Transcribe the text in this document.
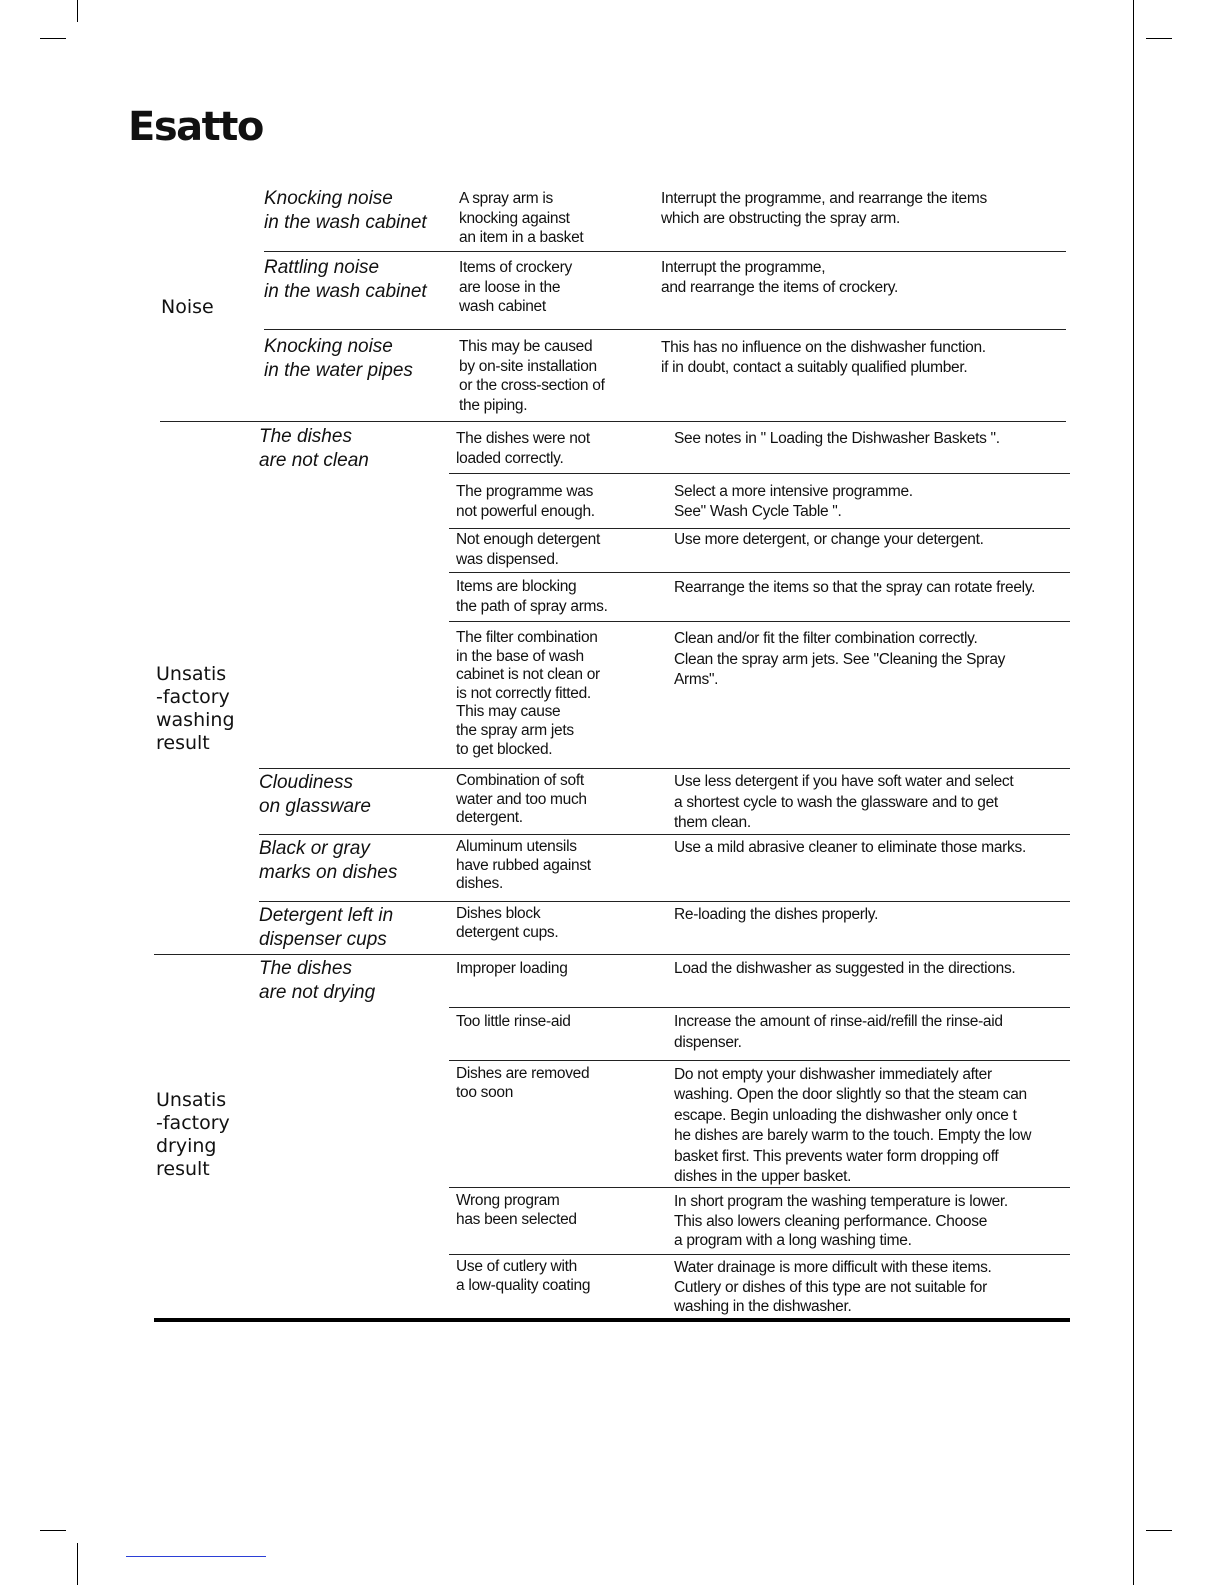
Esatto
Noise
Knocking noise
in the wash cabinet
A spray arm is
knocking against
an item in a basket
Interrupt the programme, and rearrange the items
which are obstructing the spray arm.
Rattling noise
in the wash cabinet
Items of crockery
are loose in the
wash cabinet
Interrupt the programme,
and rearrange the items of crockery.
Knocking noise
in the water pipes
This may be caused
by on-site installation
or the cross-section of
the piping.
This has no influence on the dishwasher function.
if in doubt, contact a suitably qualified plumber.
Unsatis
-factory
washing
result
The dishes
are not clean
The dishes were not
loaded correctly.
See notes in " Loading the Dishwasher Baskets ".
The programme was
not powerful enough.
Select a more intensive programme.
See" Wash Cycle Table ".
Not enough detergent
was dispensed.
Use more detergent, or change your detergent.
Items are blocking
the path of spray arms.
Rearrange the items so that the spray can rotate freely.
The filter combination
in the base of wash
cabinet is not clean or
is not correctly fitted.
This may cause
the spray arm jets
to get blocked.
Clean and/or fit the filter combination correctly.
Clean the spray arm jets. See "Cleaning the Spray
Arms".
Cloudiness
on glassware
Combination of soft
water and too much
detergent.
Use less detergent if you have soft water and select
a shortest cycle to wash the glassware and to get
them clean.
Black or gray
marks on dishes
Aluminum utensils
have rubbed against
dishes.
Use a mild abrasive cleaner to eliminate those marks.
Detergent left in
dispenser cups
Dishes block
detergent cups.
Re-loading the dishes properly.
Unsatis
-factory
drying
result
The dishes
are not drying
Improper loading	Load the dishwasher as suggested in the directions.
Too little rinse-aid	Increase the amount of rinse-aid/refill the rinse-aid
dispenser.
Dishes are removed
too soon
Do not empty your dishwasher immediately after
washing. Open the door slightly so that the steam can
escape. Begin unloading the dishwasher only once t
he dishes are barely warm to the touch. Empty the low
basket first. This prevents water form dropping off
dishes in the upper basket.
Wrong program
has been selected
In short program the washing temperature is lower.
This also lowers cleaning performance. Choose
a program with a long washing time.
Use of cutlery with
a low-quality coating
Water drainage is more difficult with these items.
Cutlery or dishes of this type are not suitable for
washing in the dishwasher.
